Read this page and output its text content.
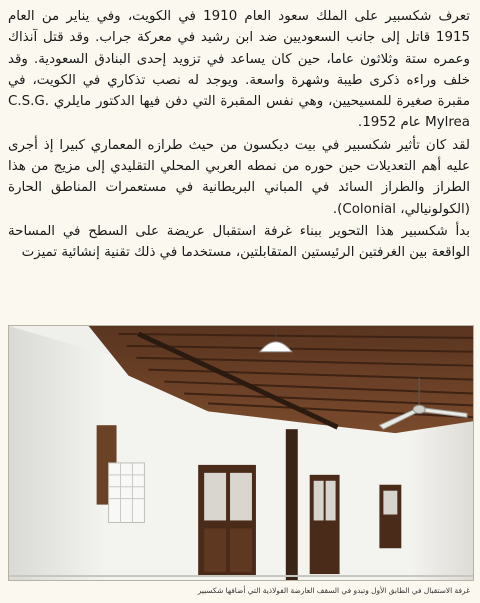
تعرف شكسبير على الملك سعود العام 1910 في الكويت، وفي يناير من العام 1915 قاتل إلى جانب السعوديين ضد ابن رشيد في معركة جراب. وقد قتل آنذاك وعمره ستة وثلاثون عاما، حين كان يساعد في تزويد إحدى البنادق السعودية. وقد خلف وراءه ذكرى طيبة وشهرة واسعة. ويوجد له نصب تذكاري في الكويت، في مقبرة صغيرة للمسيحيين، وهي نفس المقبرة التي دفن فيها الدكتور مايلري C.S.G. Mylrea عام 1952.

لقد كان تأثير شكسبير في بيت ديكسون من حيث طرازه المعماري كبيرا إذ أجرى عليه أهم التعديلات حين حوره من نمطه العربي المحلي التقليدي إلى مزيج من هذا الطراز والطراز السائد في المباني البريطانية في مستعمرات المناطق الحارة (الكولونيالي، Colonial).

بدأ شكسبير هذا التحوير ببناء غرفة استقبال عريضة على السطح في المساحة الواقعة بين الغرفتين الرئيستين المتقابلتين، مستخدما في ذلك تقنية إنشائية تميزت

غرفة الاستقبال في الطابق الأول وتبدو في السقف العارضة الفولاذية التي أضافها شكسبير
